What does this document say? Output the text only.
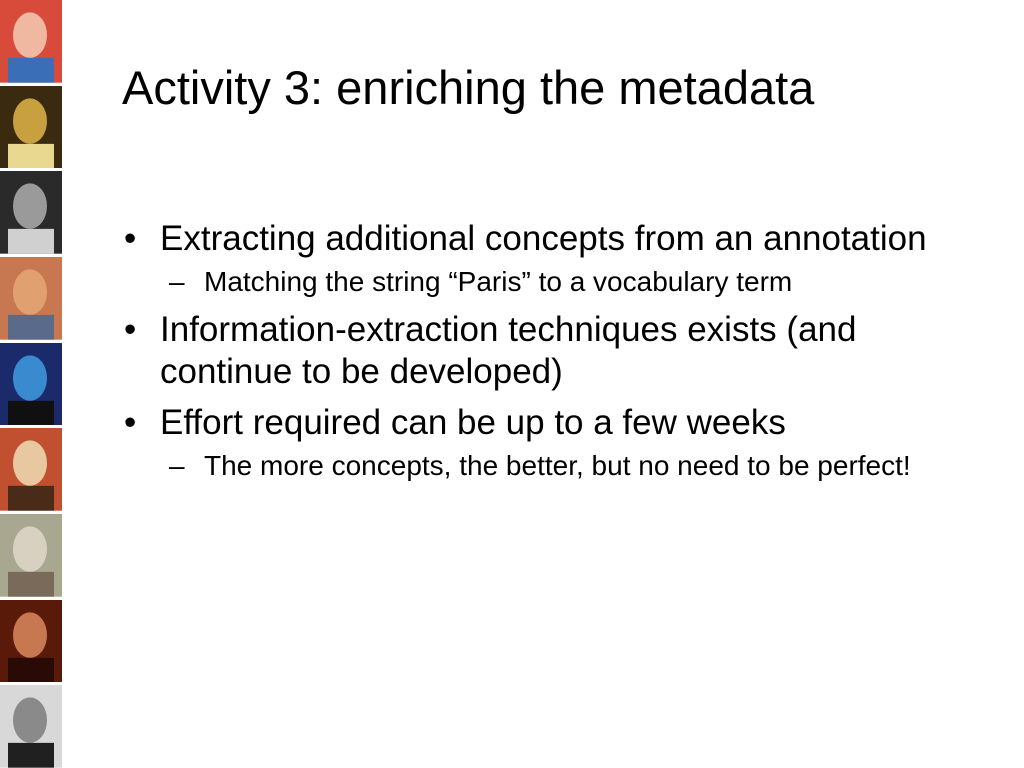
Activity 3: enriching the metadata
• Extracting additional concepts from an annotation
– Matching the string “Paris” to a vocabulary term
• Information-extraction techniques exists (and continue to be developed)
• Effort required can be up to a few weeks
– The more concepts, the better, but no need to be perfect!
